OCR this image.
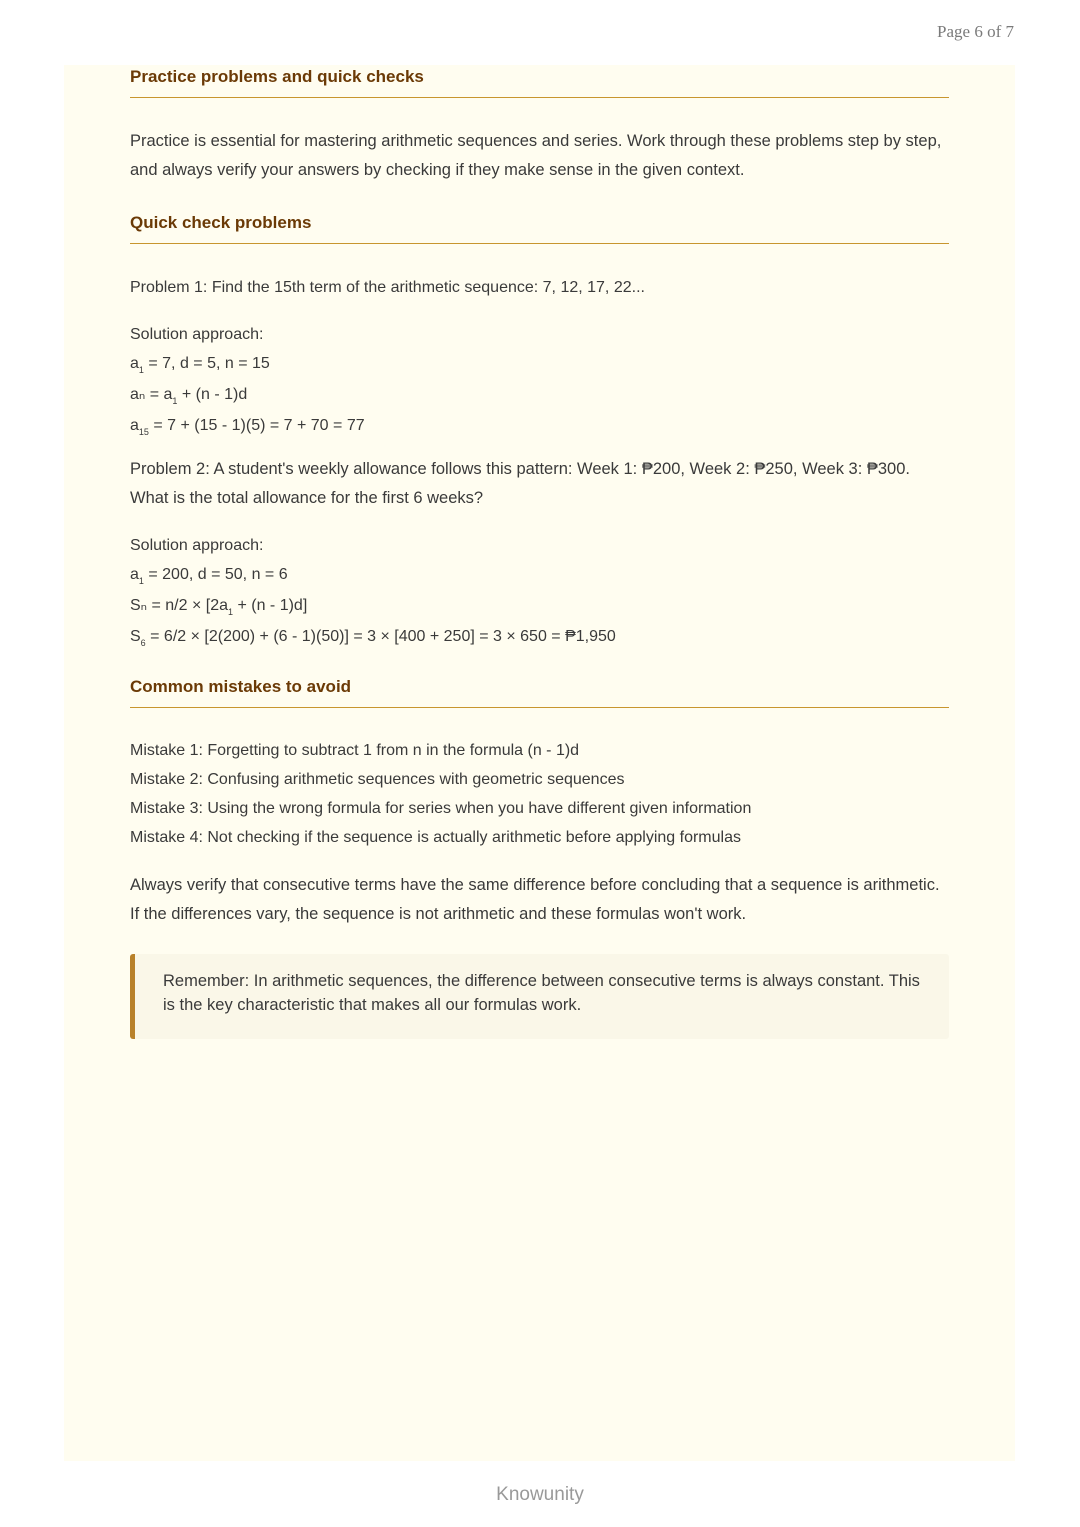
Page 6 of 7
Practice problems and quick checks

Practice is essential for mastering arithmetic sequences and series. Work through these problems step by step, and always verify your answers by checking if they make sense in the given context.

Quick check problems

Problem 1: Find the 15th term of the arithmetic sequence: 7, 12, 17, 22...

Solution approach:

$a_1 = 7$, d = 5, n = 15

$a_n = a_1 + (n - 1)d$

$a_{15} = 7 + (15 - 1)(5) = 7 + 70 = 77$

Problem 2: A student's weekly allowance follows this pattern: Week 1: ₱200, Week 2: ₱250, Week 3: ₱300. What is the total allowance for the first 6 weeks?

Solution approach:

$a_1 = 200$, d = 50, n = 6

$S_n = n/2 \times [2a_1 + (n - 1)d]$

$S_6 = 6/2 \times [2(200) + (6 - 1)(50)] = 3 \times [400 + 250] = 3 \times 650$ = ₱1,950

Common mistakes to avoid

Mistake 1: Forgetting to subtract 1 from n in the formula (n - 1)d

Mistake 2: Confusing arithmetic sequences with geometric sequences

Mistake 3: Using the wrong formula for series when you have different given information

Mistake 4: Not checking if the sequence is actually arithmetic before applying formulas

Always verify that consecutive terms have the same difference before concluding that a sequence is arithmetic. If the differences vary, the sequence is not arithmetic and these formulas won't work.

Remember: In arithmetic sequences, the difference between consecutive terms is always constant. This is the key characteristic that makes all our formulas work.

Knowunity
